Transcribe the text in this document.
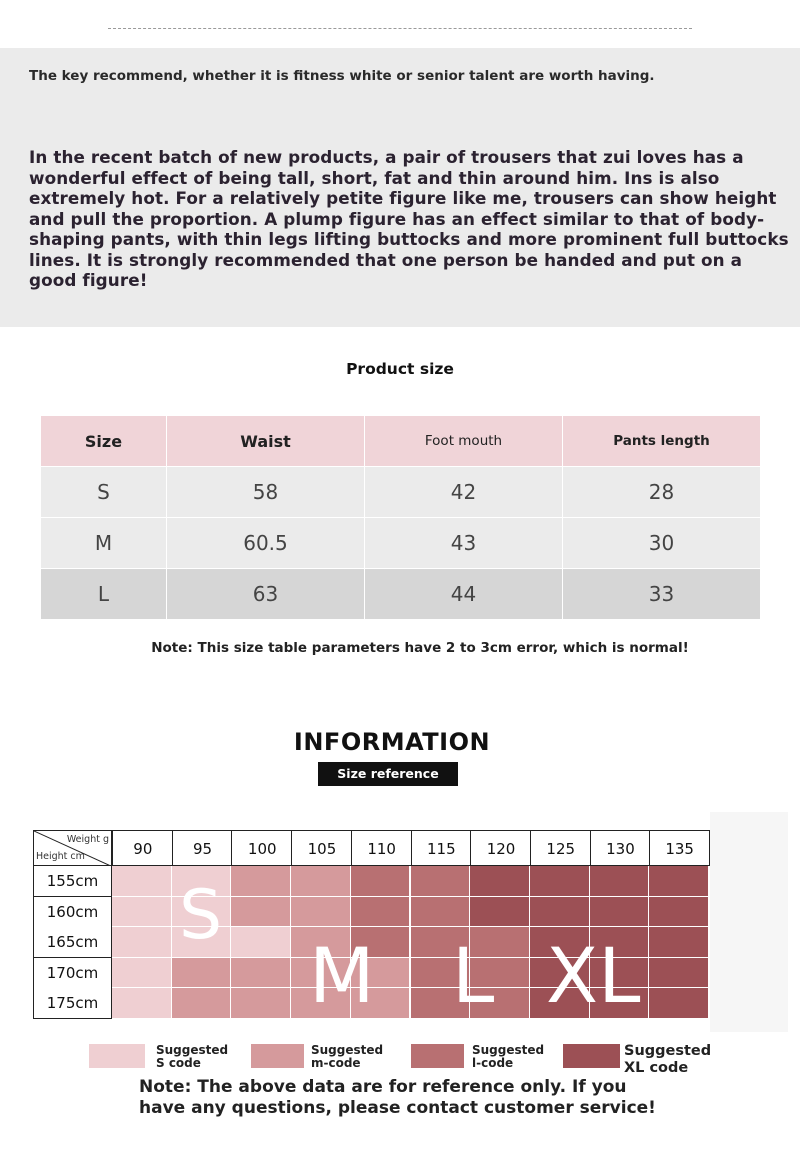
The key recommend, whether it is fitness white or senior talent are worth having.
In the recent batch of new products, a pair of trousers that zui loves has a wonderful effect of being tall, short, fat and thin around him. Ins is also extremely hot. For a relatively petite figure like me, trousers can show height and pull the proportion. A plump figure has an effect similar to that of body-shaping pants, with thin legs lifting buttocks and more prominent full buttocks lines. It is strongly recommended that one person be handed and put on a good figure!
Product size
Size	Waist	Foot mouth	Pants length
S	58	42	28
M	60.5	43	30
L	63	44	33
Note: This size table parameters have 2 to 3cm error, which is normal!
INFORMATION
Size reference
Weight g
Height cm	90	95	100	105	110	115	120	125	130	135
155cm
160cm
165cm
170cm
175cm
S
M L XL
Suggested S code
Suggested m-code
Suggested l-code
Suggested XL code
Note: The above data are for reference only. If you have any questions, please contact customer service!
